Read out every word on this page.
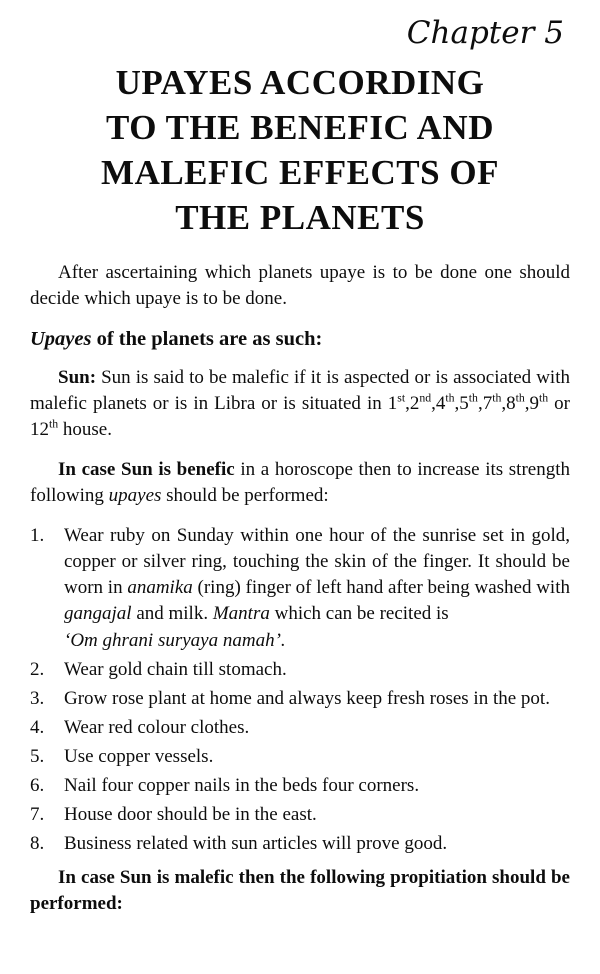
Chapter 5
UPAYES ACCORDING
TO THE BENEFIC AND
MALEFIC EFFECTS OF
THE PLANETS

After ascertaining which planets upaye is to be done one should decide which upaye is to be done.

Upayes of the planets are as such:

Sun: Sun is said to be malefic if it is aspected or is associated with malefic planets or is in Libra or is situated in 1st,2nd,4th,5th,7th,8th,9th or 12th house.

In case Sun is benefic in a horoscope then to increase its strength following upayes should be performed:

1.	Wear ruby on Sunday within one hour of the sunrise set in gold, copper or silver ring, touching the skin of the finger. It should be worn in anamika (ring) finger of left hand after being washed with gangajal and milk. Mantra which can be recited is
‘Om ghrani suryaya namah’.
2.	Wear gold chain till stomach.
3.	Grow rose plant at home and always keep fresh roses in the pot.
4.	Wear red colour clothes.
5.	Use copper vessels.
6.	Nail four copper nails in the beds four corners.
7.	House door should be in the east.
8.	Business related with sun articles will prove good.

In case Sun is malefic then the following propitiation should be performed:
